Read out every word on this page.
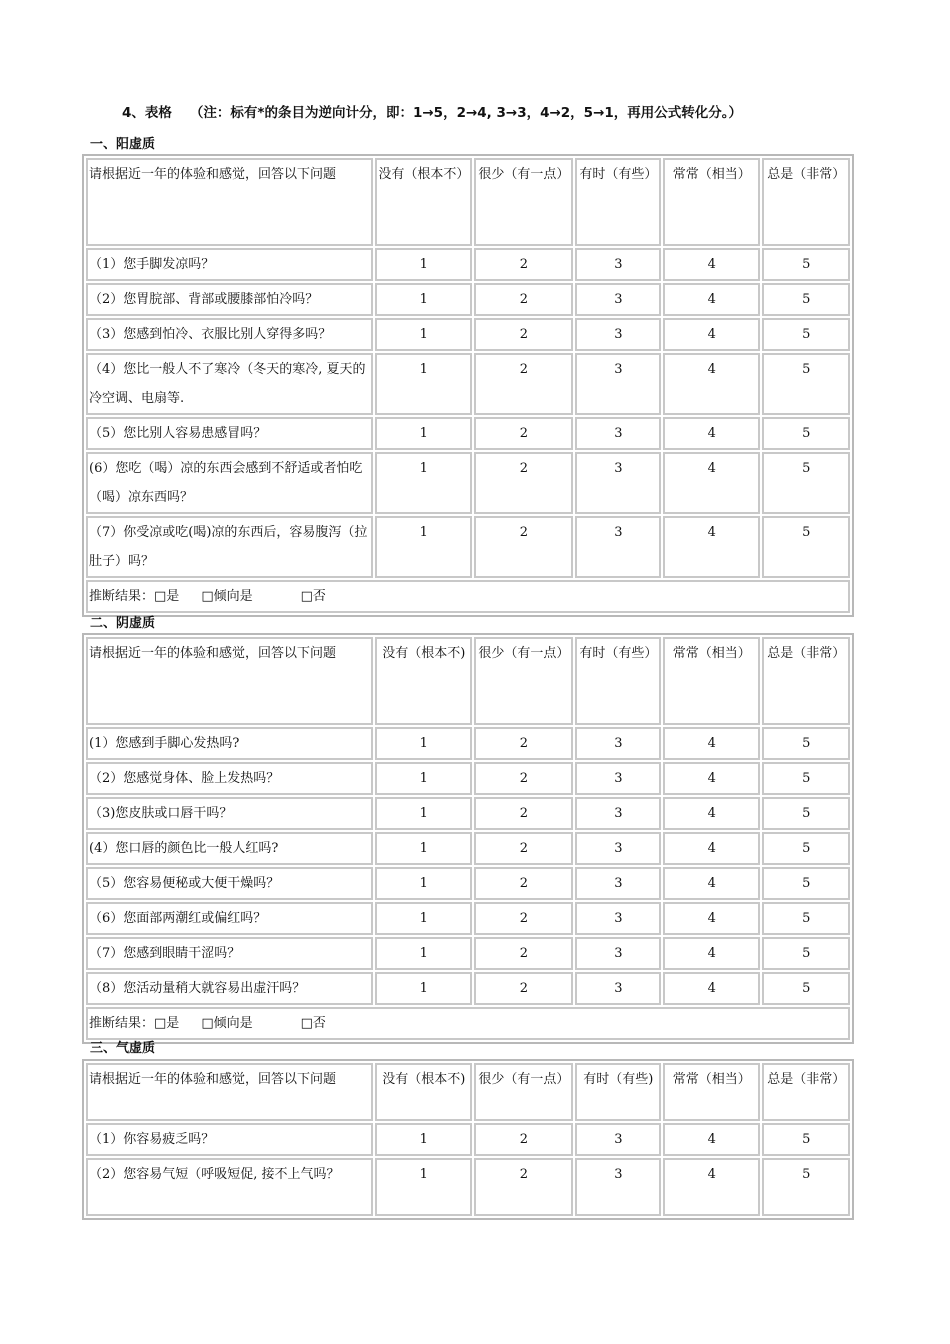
4、表格 （注：标有*的条目为逆向计分，即：1→5，2→4, 3→3，4→2，5→1，再用公式转化分。）
一、阳虚质
请根据近一年的体验和感觉，回答以下问题	没有（根本不）	很少（有一点）	有时（有些）	常常（相当）	总是（非常）
（1）您手脚发凉吗？	1	2	3	4	5
（2）您胃脘部、背部或腰膝部怕冷吗？	1	2	3	4	5
（3）您感到怕冷、衣服比别人穿得多吗？	1	2	3	4	5
（4）您比一般人不了寒冷（冬天的寒冷, 夏天的冷空调、电扇等.	1	2	3	4	5
（5）您比别人容易患感冒吗？	1	2	3	4	5
(6）您吃（喝）凉的东西会感到不舒适或者怕吃（喝）凉东西吗？	1	2	3	4	5
（7）你受凉或吃(喝)凉的东西后，容易腹泻（拉肚子）吗？	1	2	3	4	5
推断结果：□是 □倾向是 □否					
二、阴虚质
请根据近一年的体验和感觉，回答以下问题	没有（根本不)	很少（有一点）	有时（有些）	常常（相当）	总是（非常）
(1）您感到手脚心发热吗?	1	2	3	4	5
（2）您感觉身体、脸上发热吗？	1	2	3	4	5
（3)您皮肤或口唇干吗？	1	2	3	4	5
(4）您口唇的颜色比一般人红吗?	1	2	3	4	5
（5）您容易便秘或大便干燥吗？	1	2	3	4	5
（6）您面部两潮红或偏红吗？	1	2	3	4	5
（7）您感到眼睛干涩吗？	1	2	3	4	5
（8）您活动量稍大就容易出虚汗吗？	1	2	3	4	5
推断结果：□是 □倾向是 □否					
三、气虚质
请根据近一年的体验和感觉，回答以下问题	没有（根本不)	很少（有一点）	有时（有些)	常常（相当）	总是（非常）
（1）你容易疲乏吗？	1	2	3	4	5
（2）您容易气短（呼吸短促, 接不上气吗？	1	2	3	4	5
